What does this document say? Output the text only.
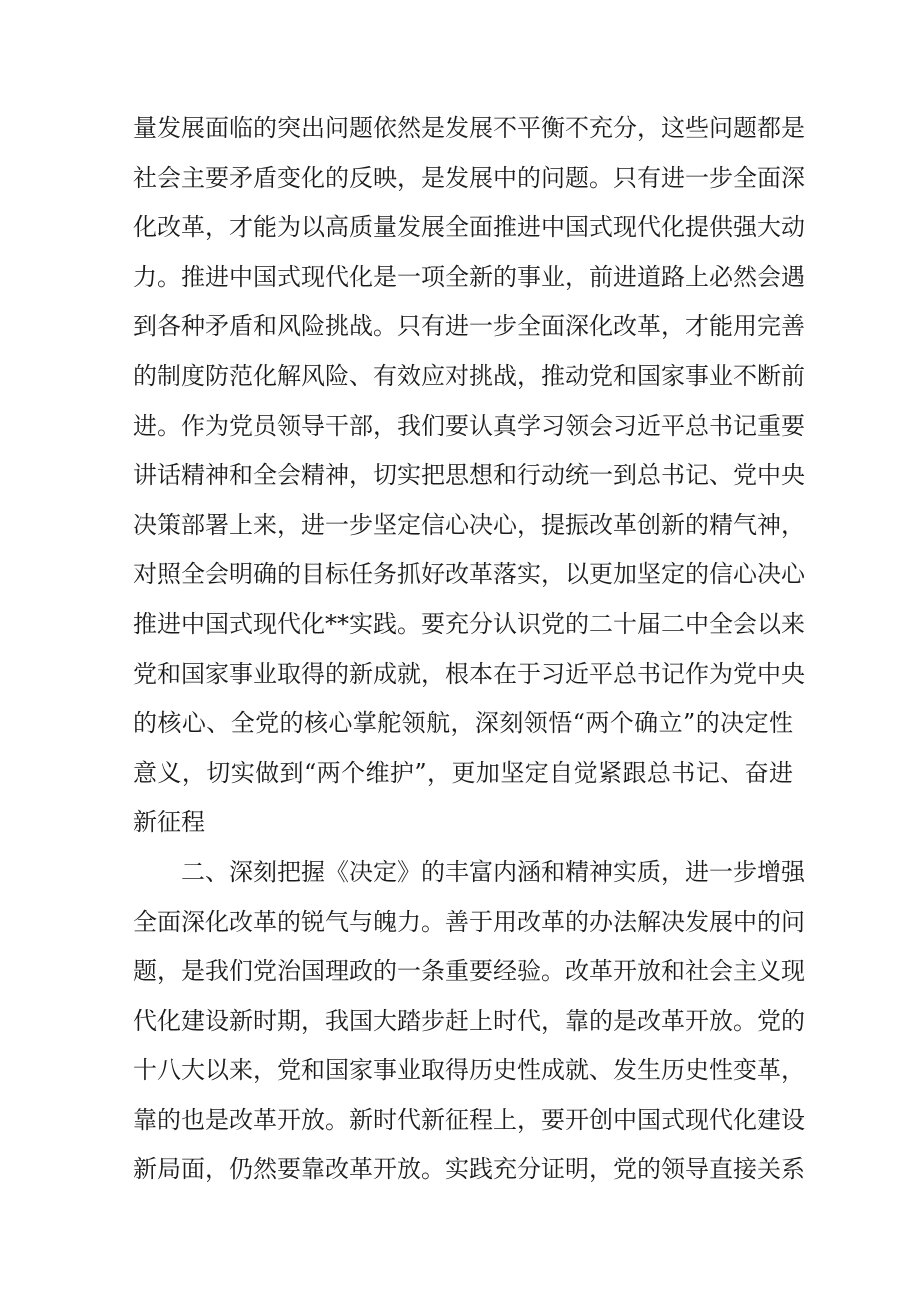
量发展面临的突出问题依然是发展不平衡不充分，这些问题都是
社会主要矛盾变化的反映，是发展中的问题。只有进一步全面深
化改革，才能为以高质量发展全面推进中国式现代化提供强大动
力。推进中国式现代化是一项全新的事业，前进道路上必然会遇
到各种矛盾和风险挑战。只有进一步全面深化改革，才能用完善
的制度防范化解风险、有效应对挑战，推动党和国家事业不断前
进。作为党员领导干部，我们要认真学习领会习近平总书记重要
讲话精神和全会精神，切实把思想和行动统一到总书记、党中央
决策部署上来，进一步坚定信心决心，提振改革创新的精气神，
对照全会明确的目标任务抓好改革落实，以更加坚定的信心决心
推进中国式现代化**实践。要充分认识党的二十届二中全会以来
党和国家事业取得的新成就，根本在于习近平总书记作为党中央
的核心、全党的核心掌舵领航，深刻领悟“两个确立”的决定性
意义，切实做到“两个维护”，更加坚定自觉紧跟总书记、奋进
新征程
　　二、深刻把握《决定》的丰富内涵和精神实质，进一步增强
全面深化改革的锐气与魄力。善于用改革的办法解决发展中的问
题，是我们党治国理政的一条重要经验。改革开放和社会主义现
代化建设新时期，我国大踏步赶上时代，靠的是改革开放。党的
十八大以来，党和国家事业取得历史性成就、发生历史性变革，
靠的也是改革开放。新时代新征程上，要开创中国式现代化建设
新局面，仍然要靠改革开放。实践充分证明，党的领导直接关系
